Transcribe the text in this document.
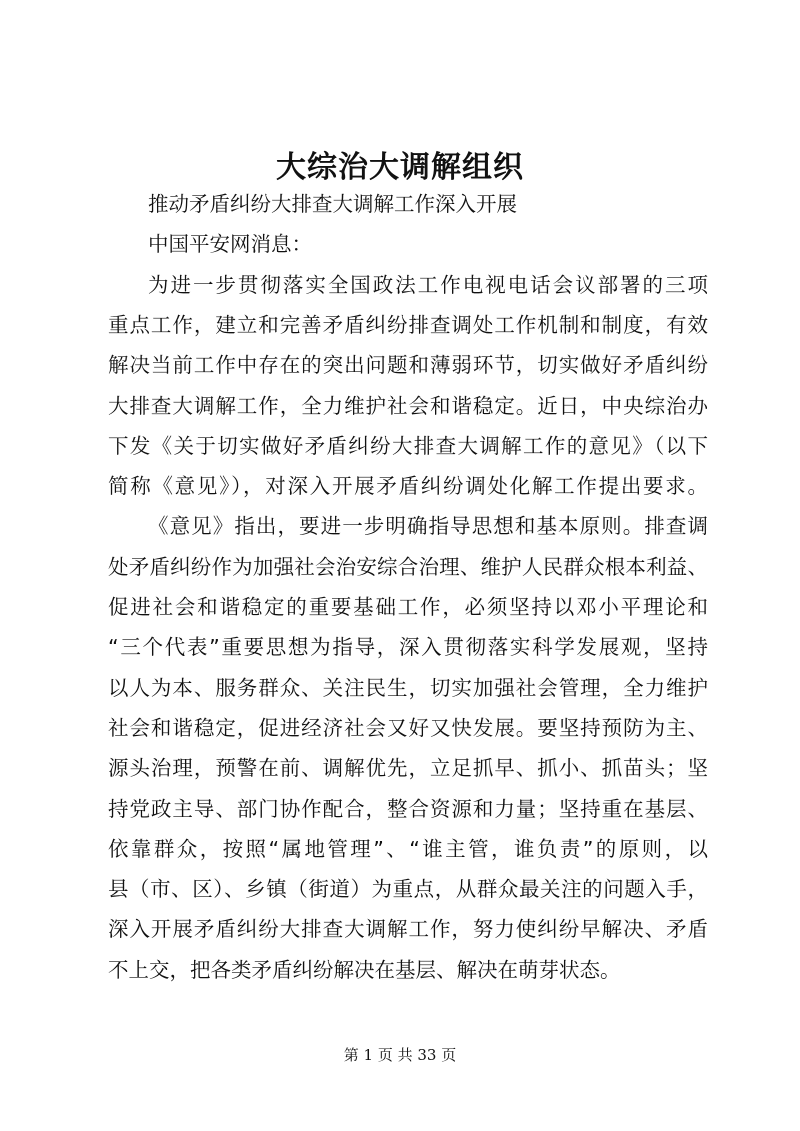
大综治大调解组织
推动矛盾纠纷大排查大调解工作深入开展
中国平安网消息：
为进一步贯彻落实全国政法工作电视电话会议部署的三项
重点工作，建立和完善矛盾纠纷排查调处工作机制和制度，有效
解决当前工作中存在的突出问题和薄弱环节，切实做好矛盾纠纷
大排查大调解工作，全力维护社会和谐稳定。近日，中央综治办
下发《关于切实做好矛盾纠纷大排查大调解工作的意见》（以下
简称《意见》），对深入开展矛盾纠纷调处化解工作提出要求。
《意见》指出，要进一步明确指导思想和基本原则。排查调
处矛盾纠纷作为加强社会治安综合治理、维护人民群众根本利益、
促进社会和谐稳定的重要基础工作，必须坚持以邓小平理论和
“三个代表”重要思想为指导，深入贯彻落实科学发展观，坚持
以人为本、服务群众、关注民生，切实加强社会管理，全力维护
社会和谐稳定，促进经济社会又好又快发展。要坚持预防为主、
源头治理，预警在前、调解优先，立足抓早、抓小、抓苗头；坚
持党政主导、部门协作配合，整合资源和力量；坚持重在基层、
依靠群众，按照“属地管理”、“谁主管，谁负责”的原则，以
县（市、区）、乡镇（街道）为重点，从群众最关注的问题入手，
深入开展矛盾纠纷大排查大调解工作，努力使纠纷早解决、矛盾
不上交，把各类矛盾纠纷解决在基层、解决在萌芽状态。
第 1 页 共 33 页
